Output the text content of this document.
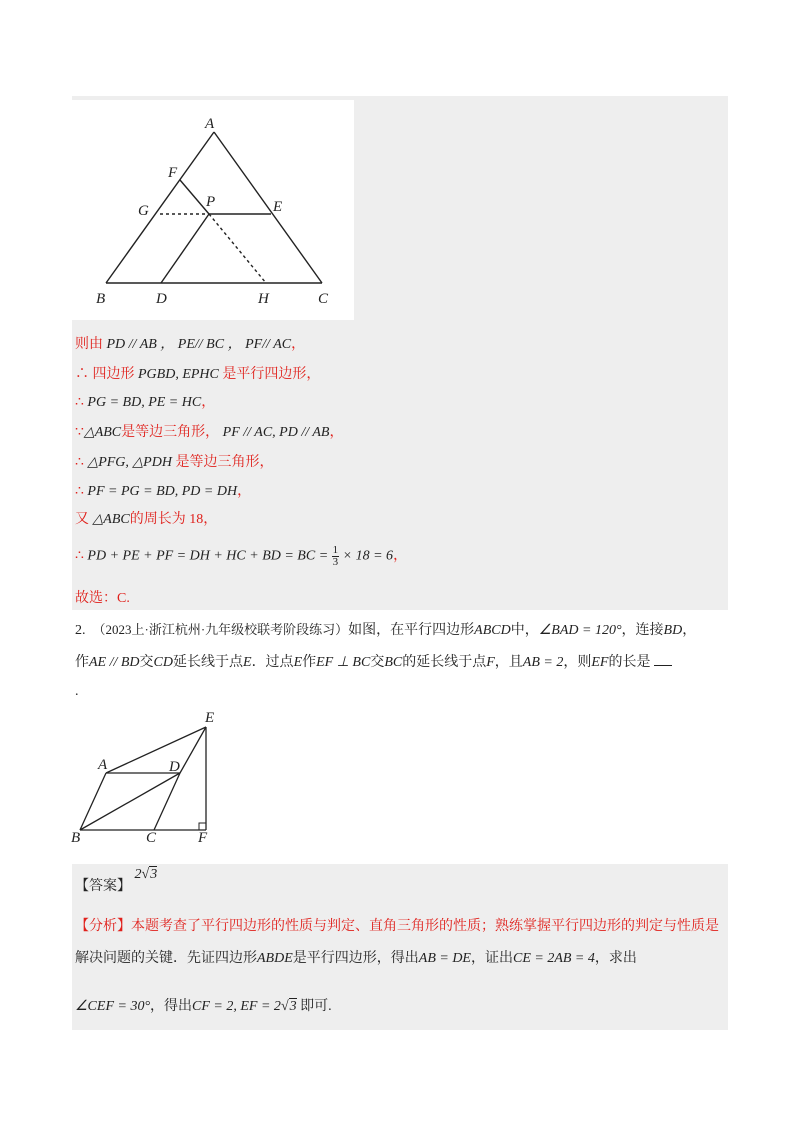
A
F
G
P	E
B	D	H	C
则由 PD // AB ， PE// BC ， PF// AC，
∴ 四边形 PGBD, EPHC 是平行四边形，
∴ PG = BD, PE = HC，
∵△ABC是等边三角形， PF // AC, PD // AB，
∴ △PFG, △PDH 是等边三角形，
∴ PF = PG = BD, PD = DH，
又 △ABC的周长为 18，
∴ PD + PE + PF = DH + HC + BD = BC = $\frac{1}{3} \times 18 = 6$，
故选：C.
2. （2023上·浙江杭州·九年级校联考阶段练习）如图，在平行四边形ABCD中，∠BAD = 120°，连接BD，
作AE // BD交CD延长线于点E．过点E作EF ⊥ BC交BC的延长线于点F，且AB = 2，则EF的长是
.
E
A	D
B	C	F
【答案】 2√3
【分析】本题考查了平行四边形的性质与判定、直角三角形的性质；熟练掌握平行四边形的判定与性质是
解决问题的关键．先证四边形ABDE是平行四边形，得出AB = DE，证出CE = 2AB = 4，求出
∠CEF = 30°，得出CF = 2, EF = 2√3 即可.
